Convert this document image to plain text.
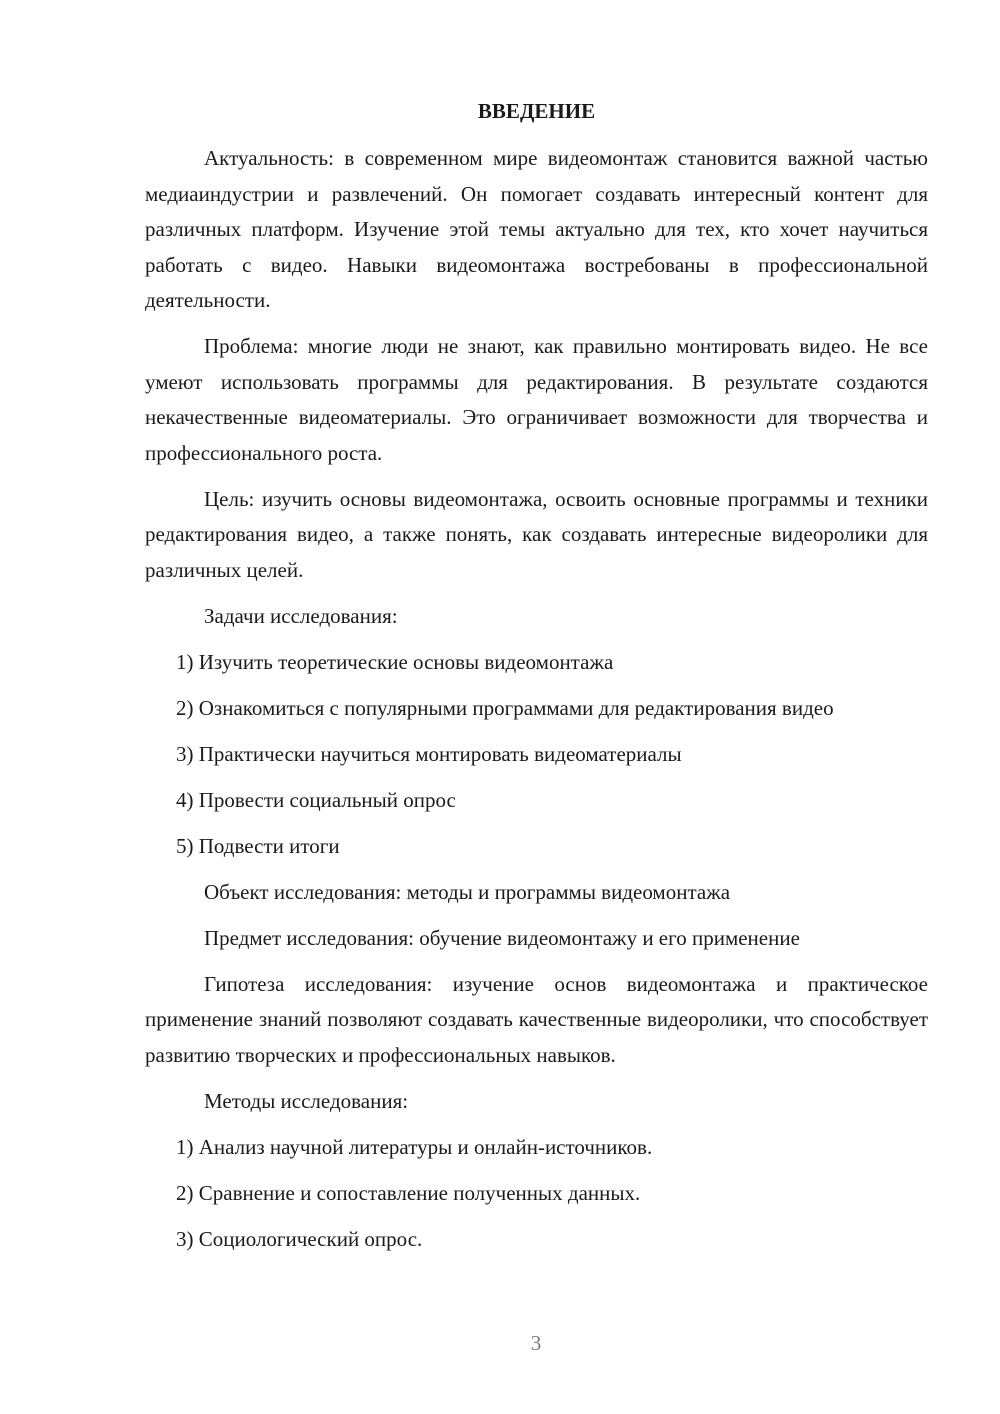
ВВЕДЕНИЕ

Актуальность: в современном мире видеомонтаж становится важной частью медиаиндустрии и развлечений. Он помогает создавать интересный контент для различных платформ. Изучение этой темы актуально для тех, кто хочет научиться работать с видео. Навыки видеомонтажа востребованы в профессиональной деятельности.

Проблема: многие люди не знают, как правильно монтировать видео. Не все умеют использовать программы для редактирования. В результате создаются некачественные видеоматериалы. Это ограничивает возможности для творчества и профессионального роста.

Цель: изучить основы видеомонтажа, освоить основные программы и техники редактирования видео, а также понять, как создавать интересные видеоролики для различных целей.

Задачи исследования:

1) Изучить теоретические основы видеомонтажа

2) Ознакомиться с популярными программами для редактирования видео

3) Практически научиться монтировать видеоматериалы

4) Провести социальный опрос

5) Подвести итоги

Объект исследования: методы и программы видеомонтажа

Предмет исследования: обучение видеомонтажу и его применение

Гипотеза исследования: изучение основ видеомонтажа и практическое применение знаний позволяют создавать качественные видеоролики, что способствует развитию творческих и профессиональных навыков.

Методы исследования:

1) Анализ научной литературы и онлайн-источников.

2) Сравнение и сопоставление полученных данных.

3) Социологический опрос.

3
